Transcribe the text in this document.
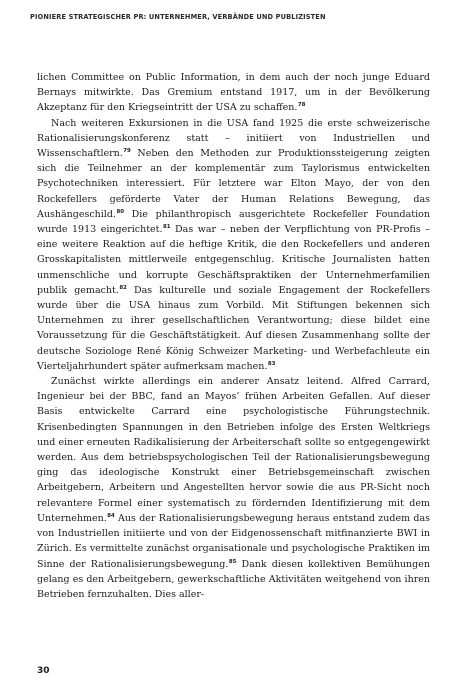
PIONIERE STRATEGISCHER PR: UNTERNEHMER, VERBÄNDE UND PUBLIZISTEN

lichen Committee on Public Information, in dem auch der noch junge Eduard Bernays mitwirkte. Das Gremium entstand 1917, um in der Bevölkerung Akzeptanz für den Kriegseintritt der USA zu schaffen.$^{78}$

Nach weiteren Exkursionen in die USA fand 1925 die erste schweizerische Rationalisierungskonferenz statt – initiiert von Industriellen und Wissenschaftlern.$^{79}$ Neben den Methoden zur Produktionssteigerung zeigten sich die Teilnehmer an der komplementär zum Taylorismus entwickelten Psychotechniken interessiert. Für letztere war Elton Mayo, der von den Rockefellers geförderte Vater der Human Relations Bewegung, das Aushängeschild.$^{80}$ Die philanthropisch ausgerichtete Rockefeller Foundation wurde 1913 eingerichtet.$^{81}$ Das war – neben der Verpflichtung von PR-Profis – eine weitere Reaktion auf die heftige Kritik, die den Rockefellers und anderen Grosskapitalisten mittlerweile entgegenschlug. Kritische Journalisten hatten unmenschliche und korrupte Geschäftspraktiken der Unternehmerfamilien publik gemacht.$^{82}$ Das kulturelle und soziale Engagement der Rockefellers wurde über die USA hinaus zum Vorbild. Mit Stiftungen bekennen sich Unternehmen zu ihrer gesellschaftlichen Verantwortung; diese bildet eine Voraussetzung für die Geschäftstätigkeit. Auf diesen Zusammenhang sollte der deutsche Soziologe René König Schweizer Marketing- und Werbefachleute ein Vierteljahrhundert später aufmerksam machen.$^{83}$

Zunächst wirkte allerdings ein anderer Ansatz leitend. Alfred Carrard, Ingenieur bei der BBC, fand an Mayos’ frühen Arbeiten Gefallen. Auf dieser Basis entwickelte Carrard eine psychologistische Führungstechnik. Krisenbedingten Spannungen in den Betrieben infolge des Ersten Weltkriegs und einer erneuten Radikalisierung der Arbeiterschaft sollte so entgegengewirkt werden. Aus dem betriebspsychologischen Teil der Rationalisierungsbewegung ging das ideologische Konstrukt einer Betriebsgemeinschaft zwischen Arbeitgebern, Arbeitern und Angestellten hervor sowie die aus PR-Sicht noch relevantere Formel einer systematisch zu fördernden Identifizierung mit dem Unternehmen.$^{84}$ Aus der Rationalisierungsbewegung heraus entstand zudem das von Industriellen initiierte und von der Eidgenossenschaft mitfinanzierte BWI in Zürich. Es vermittelte zunächst organisationale und psychologische Praktiken im Sinne der Rationalisierungsbewegung.$^{85}$ Dank diesen kollektiven Bemühungen gelang es den Arbeitgebern, gewerkschaftliche Aktivitäten weitgehend von ihren Betrieben fernzuhalten. Dies aller-

30
